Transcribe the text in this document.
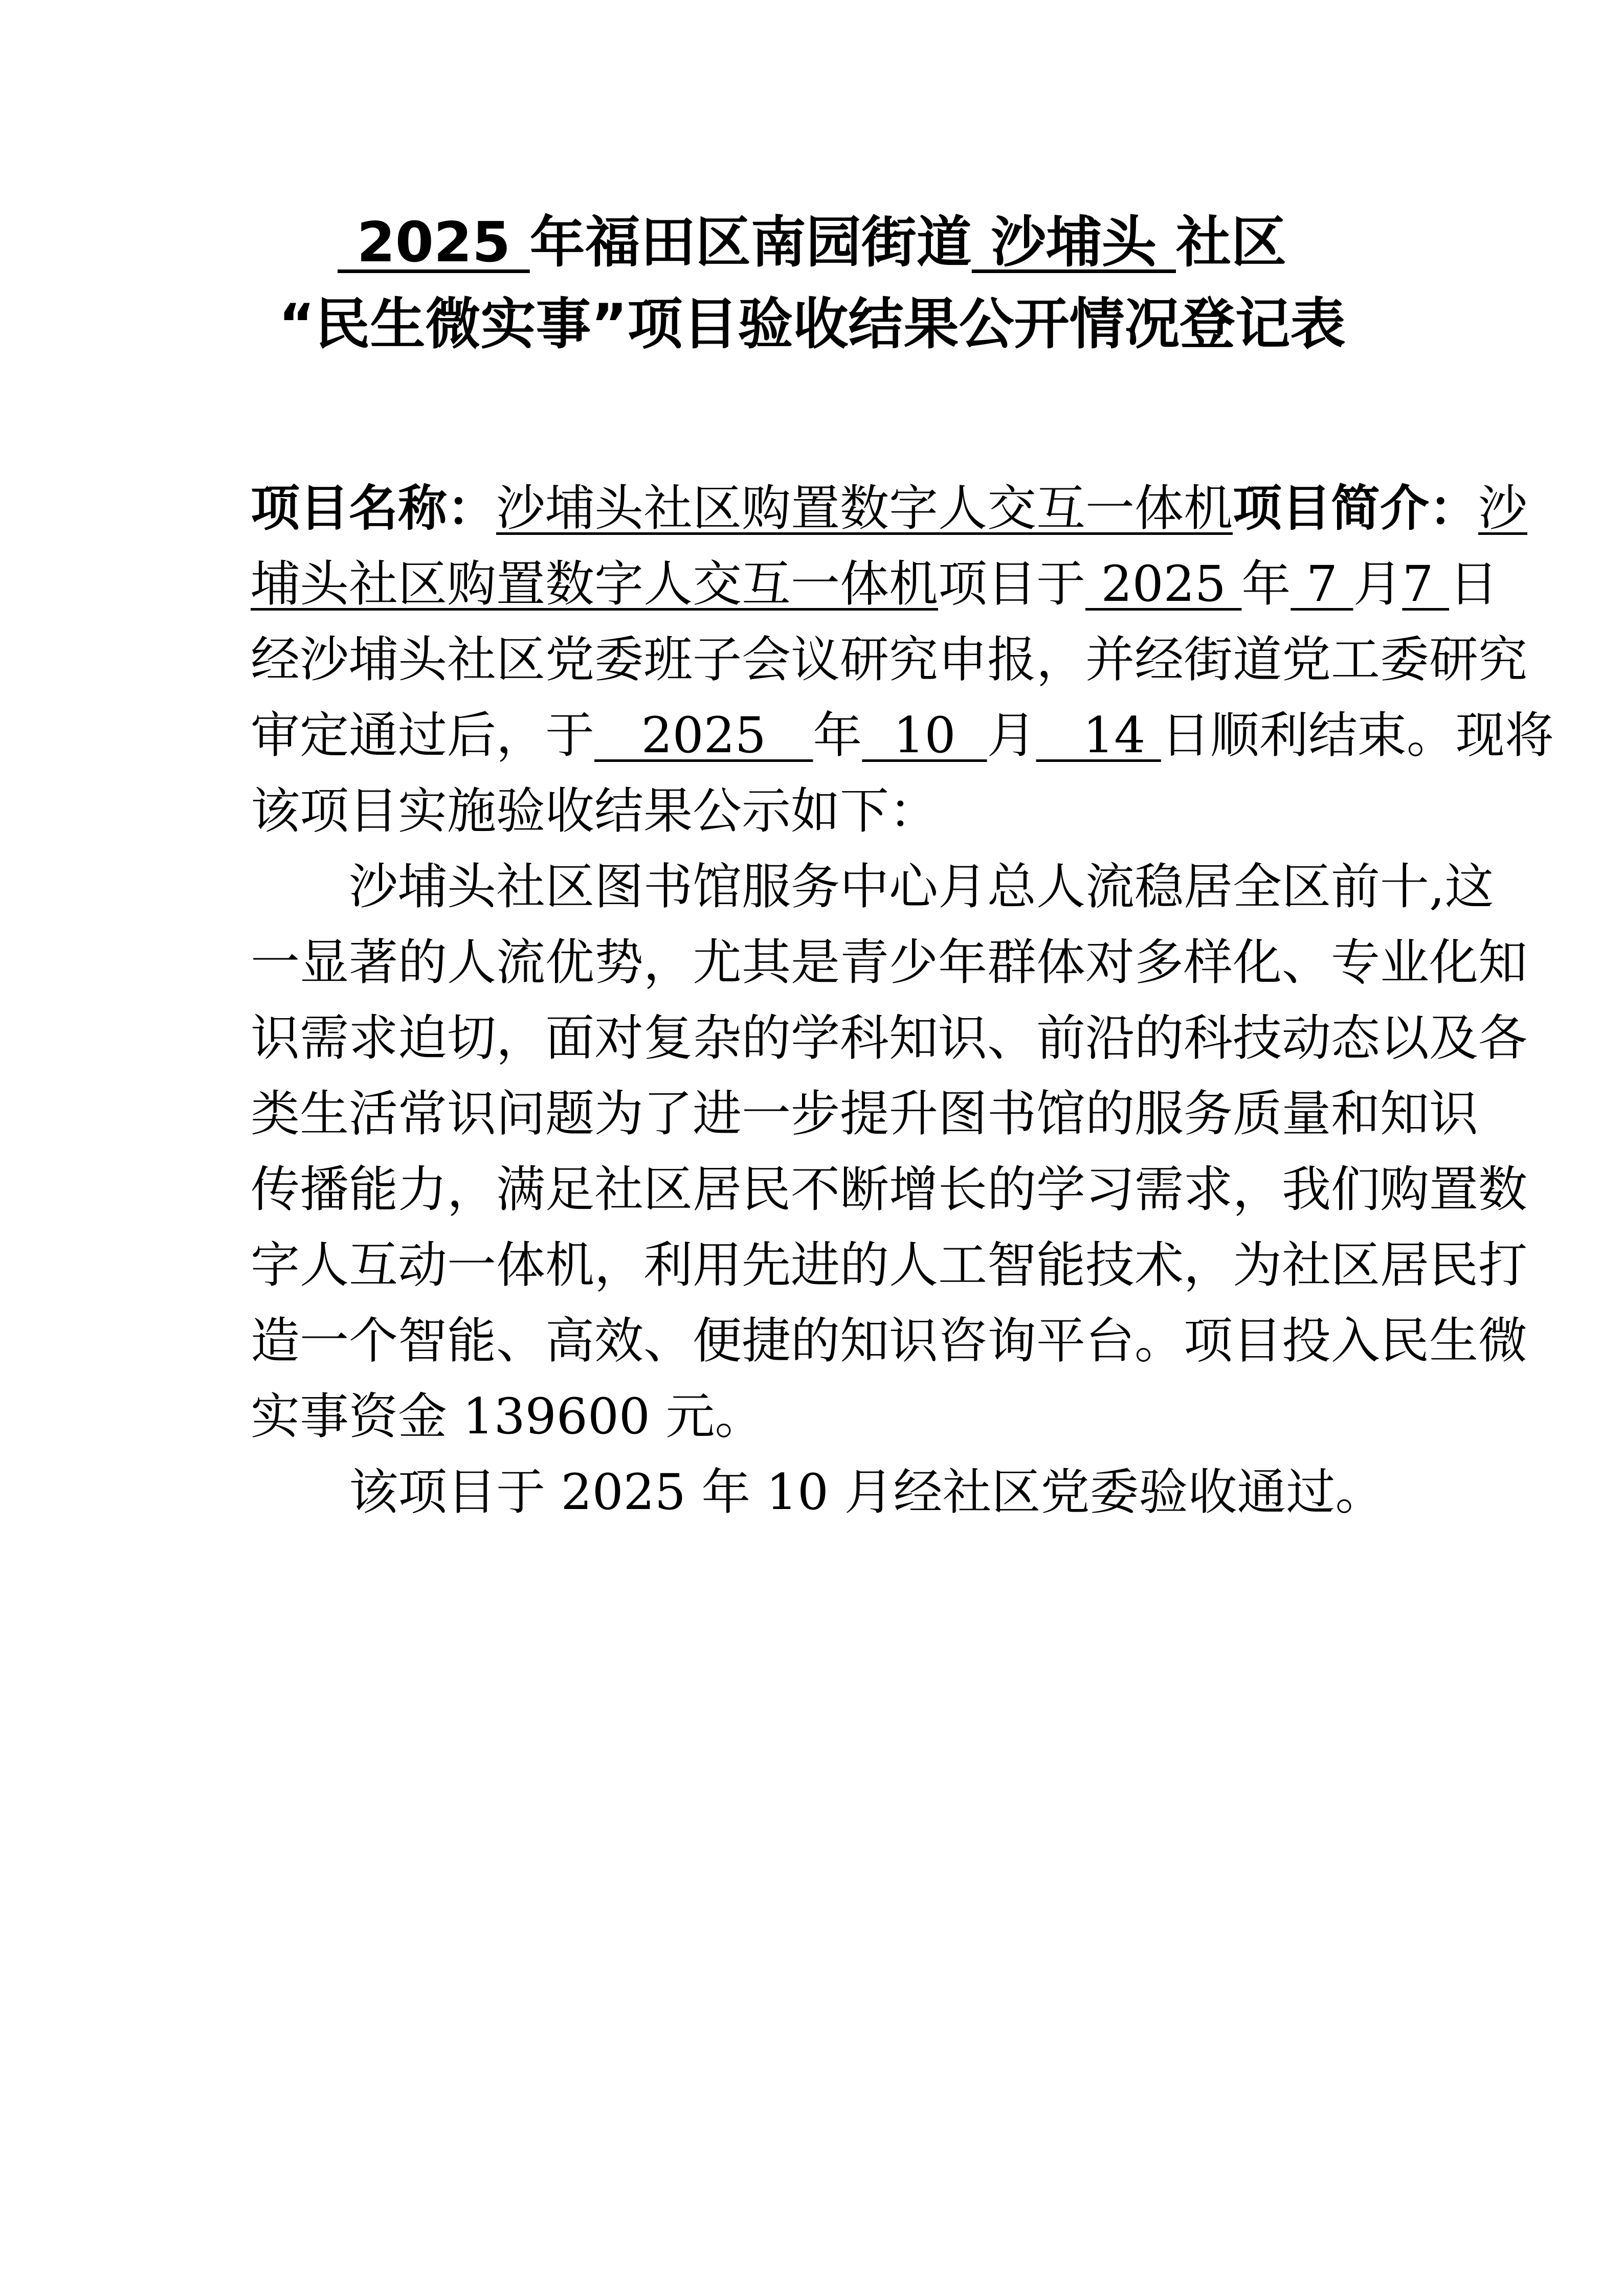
2025 年福田区南园街道 沙埔头 社区
“民生微实事”项目验收结果公开情况登记表
项目名称：沙埔头社区购置数字人交互一体机项目简介： 沙
埔头社区购置数字人交互一体机 项目于 2025 年 7 月 7 日
经沙埔头社区党委班子会议研究申报，并经街道党工委研究
审定通过后，于 2025 年 10 月 14 日顺利结束。现将
该项目实施验收结果公示如下：
沙埔头社区图书馆服务中心月总人流稳居全区前十,这
一显著的人流优势，尤其是青少年群体对多样化、专业化知
识需求迫切，面对复杂的学科知识、前沿的科技动态以及各
类生活常识问题为了进一步提升图书馆的服务质量和知识
传播能力，满足社区居民不断增长的学习需求，我们购置数
字人互动一体机，利用先进的人工智能技术，为社区居民打
造一个智能、高效、便捷的知识咨询平台。项目投入民生微
实事资金 139600 元。
该项目于 2025 年 10 月经社区党委验收通过。
